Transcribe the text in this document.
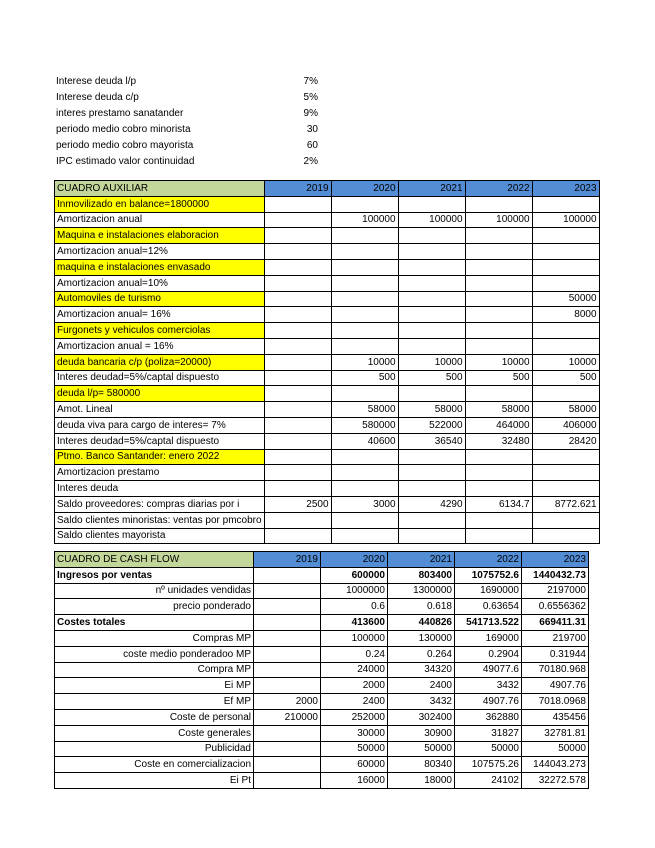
Interese deuda l/p	7%
Interese deuda c/p	5%
interes prestamo sanatander	9%
periodo medio cobro minorista	30
periodo medio cobro mayorista	60
IPC estimado valor continuidad	2%
CUADRO AUXILIAR	2019	2020	2021	2022	2023
Inmovilizado en balance=1800000					
Amortizacion anual		100000	100000	100000	100000
Maquina e instalaciones elaboracion					
Amortizacion anual=12%					
maquina e instalaciones envasado					
Amortizacion anual=10%					
Automoviles de turismo					50000
Amortizacion anual= 16%					8000
Furgonets y vehiculos comerciolas					
Amortizacion anual = 16%					
deuda bancaria c/p (poliza=20000)		10000	10000	10000	10000
Interes deudad=5%/captal dispuesto		500	500	500	500
deuda l/p= 580000					
Amot. Lineal		58000	58000	58000	58000
deuda viva para cargo de interes= 7%		580000	522000	464000	406000
Interes deudad=5%/captal dispuesto		40600	36540	32480	28420
Ptmo. Banco Santander: enero 2022					
Amortizacion prestamo					
Interes deuda					
Saldo proveedores: compras diarias por i	2500	3000	4290	6134.7	8772.621
Saldo clientes minoristas: ventas por pmcobro					
Saldo clientes mayorista					
CUADRO DE CASH FLOW	2019	2020	2021	2022	2023
Ingresos por ventas		600000	803400	1075752.6	1440432.73
nº unidades vendidas		1000000	1300000	1690000	2197000
precio ponderado		0.6	0.618	0.63654	0.6556362
Costes totales		413600	440826	541713.522	669411.31
Compras MP		100000	130000	169000	219700
coste medio ponderadoo MP		0.24	0.264	0.2904	0.31944
Compra MP		24000	34320	49077.6	70180.968
Ei MP		2000	2400	3432	4907.76
Ef MP	2000	2400	3432	4907.76	7018.0968
Coste de personal	210000	252000	302400	362880	435456
Coste generales		30000	30900	31827	32781.81
Publicidad		50000	50000	50000	50000
Coste en comercializacion		60000	80340	107575.26	144043.273
Ei Pt		16000	18000	24102	32272.578
